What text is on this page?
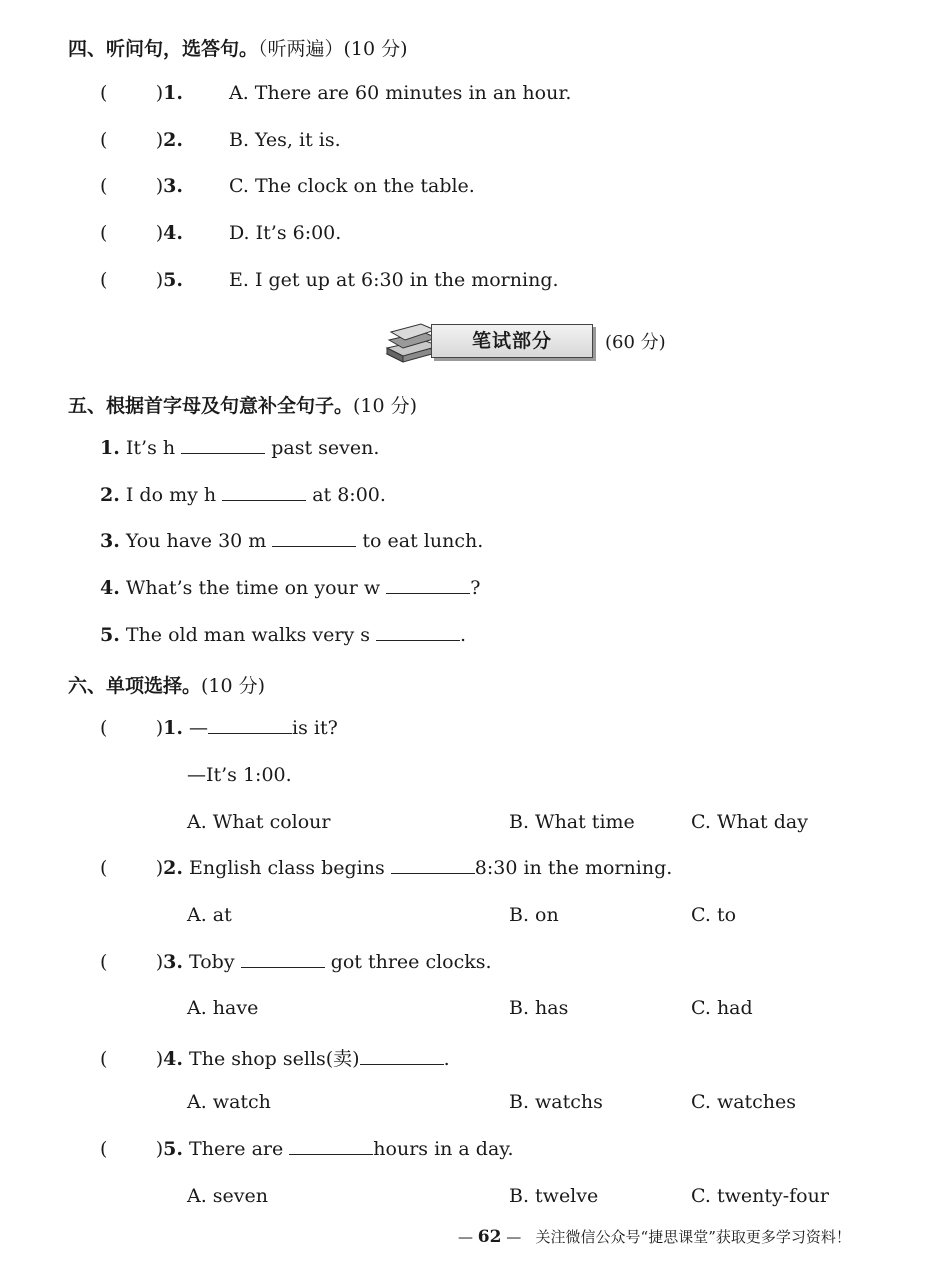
四、听问句，选答句。（听两遍）(10 分)
(        )1. A. There are 60 minutes in an hour.
(        )2. B. Yes, it is.
(        )3. C. The clock on the table.
(        )4. D. It’s 6:00.
(        )5. E. I get up at 6:30 in the morning.
笔试部分	(60 分)
五、根据首字母及句意补全句子。(10 分)
1. It’s h	past seven.
2. I do my h	at 8:00.
3. You have 30 m	to eat lunch.
4. What’s the time on your w	?
5. The old man walks very s	.
六、单项选择。(10 分)
(        )1. —	is it?
—It’s 1:00.
A. What colour	B. What time	C. What day
(        )2. English class begins	8:30 in the morning.
A. at	B. on	C. to
(        )3. Toby	got three clocks.
A. have	B. has	C. had
(        )4. The shop sells(卖)	.
A. watch	B. watchs	C. watches
(        )5. There are	hours in a day.
A. seven	B. twelve	C. twenty-four
— 62 — 关注微信公众号“捷思课堂”获取更多学习资料！
